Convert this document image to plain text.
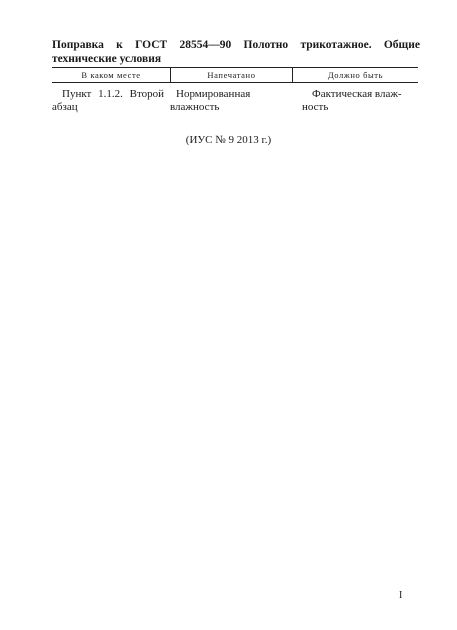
Поправка к ГОСТ 28554—90 Полотно трикотажное. Общие технические условия
В каком месте	Напечатано	Должно быть
Пункт 1.1.2. Второй
абзац
Нормированная
влажность
Фактическая влаж-
ность
(ИУС № 9 2013 г.)
I
